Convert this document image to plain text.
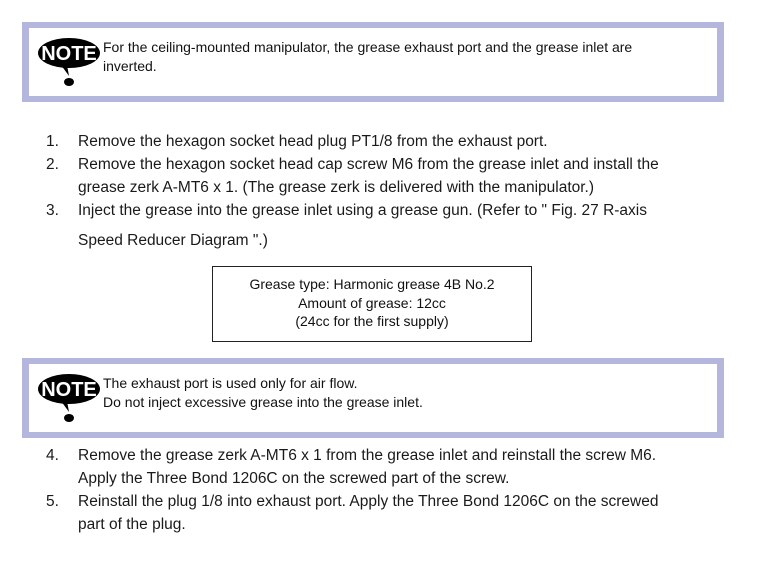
NOTE For the ceiling-mounted manipulator, the grease exhaust port and the grease inlet are
inverted.
1. Remove the hexagon socket head plug PT1/8 from the exhaust port.
2. Remove the hexagon socket head cap screw M6 from the grease inlet and install the
grease zerk A-MT6 x 1. (The grease zerk is delivered with the manipulator.)
3. Inject the grease into the grease inlet using a grease gun. (Refer to " Fig. 27 R-axis
Speed Reducer Diagram ".)
Grease type: Harmonic grease 4B No.2
Amount of grease: 12cc
(24cc for the first supply)
NOTE The exhaust port is used only for air flow.
Do not inject excessive grease into the grease inlet.
4. Remove the grease zerk A-MT6 x 1 from the grease inlet and reinstall the screw M6.
Apply the Three Bond 1206C on the screwed part of the screw.
5. Reinstall the plug 1/8 into exhaust port. Apply the Three Bond 1206C on the screwed
part of the plug.
